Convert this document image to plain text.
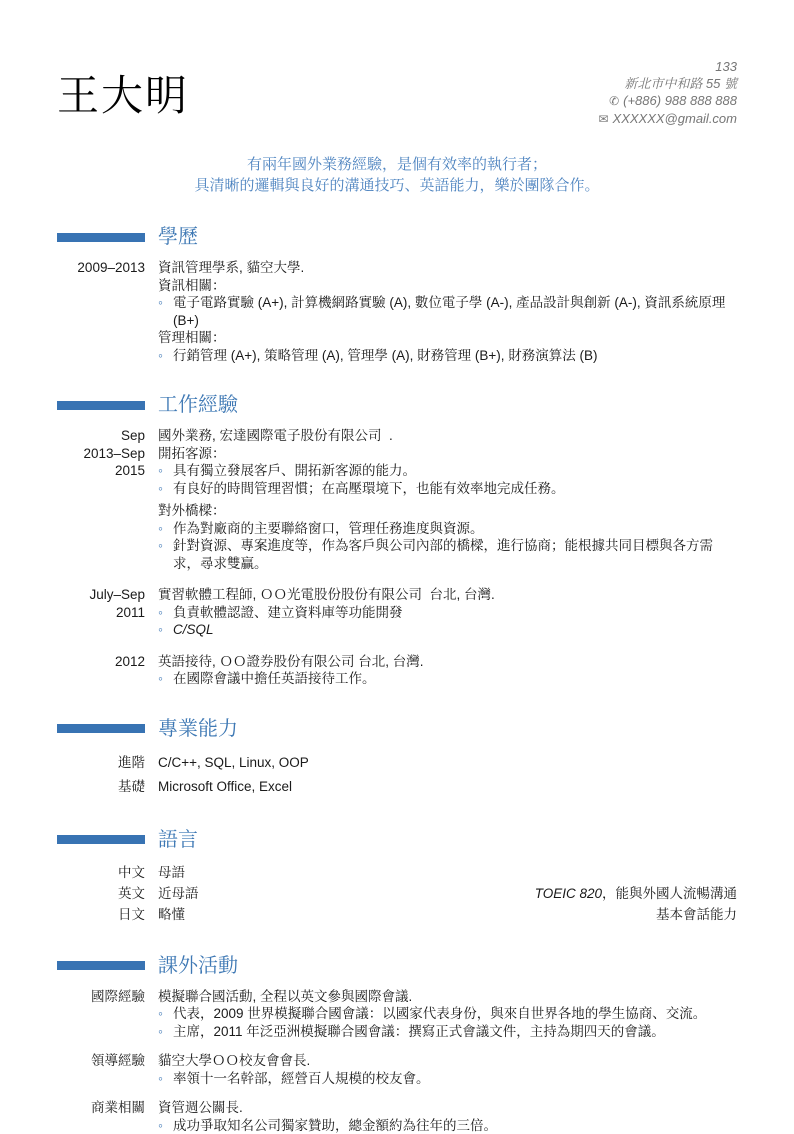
王大明
133
新北市中和路 55 號
✆ (+886) 988 888 888
✉ XXXXXX@gmail.com
有兩年國外業務經驗，是個有效率的執行者；
具清晰的邏輯與良好的溝通技巧、英語能力，樂於團隊合作。
學歷
2009–2013 資訊管理學系, 貓空大學.
資訊相關：
◦ 電子電路實驗 (A+), 計算機網路實驗 (A), 數位電子學 (A-), 產品設計與創新 (A-), 資訊系統原理 (B+)
管理相關：
◦ 行銷管理 (A+), 策略管理 (A), 管理學 (A), 財務管理 (B+), 財務演算法 (B)
工作經驗
Sep
2013–Sep
2015
國外業務, 宏達國際電子股份有限公司  .
開拓客源：
◦ 具有獨立發展客戶、開拓新客源的能力。
◦ 有良好的時間管理習慣；在高壓環境下，也能有效率地完成任務。
對外橋樑：
◦ 作為對廠商的主要聯絡窗口，管理任務進度與資源。
◦ 針對資源、專案進度等，作為客戶與公司內部的橋樑，進行協商；能根據共同目標與各方需求，尋求雙贏。
July–Sep
2011
實習軟體工程師, ＯＯ光電股份股份有限公司  台北, 台灣.
◦ 負責軟體認證、建立資料庫等功能開發
◦ C/SQL
2012 英語接待, ＯＯ證券股份有限公司 台北, 台灣.
◦ 在國際會議中擔任英語接待工作。
專業能力
進階 C/C++, SQL, Linux, OOP
基礎 Microsoft Office, Excel
語言
中文 母語
英文 近母語	TOEIC 820，能與外國人流暢溝通
日文 略懂	基本會話能力
課外活動
國際經驗 模擬聯合國活動, 全程以英文參與國際會議.
◦ 代表，2009 世界模擬聯合國會議：以國家代表身份，與來自世界各地的學生協商、交流。
◦ 主席，2011 年泛亞洲模擬聯合國會議：撰寫正式會議文件，主持為期四天的會議。
領導經驗 貓空大學ＯＯ校友會會長.
◦ 率領十一名幹部，經營百人規模的校友會。
商業相關 資管週公關長.
◦ 成功爭取知名公司獨家贊助，總金額約為往年的三倍。
